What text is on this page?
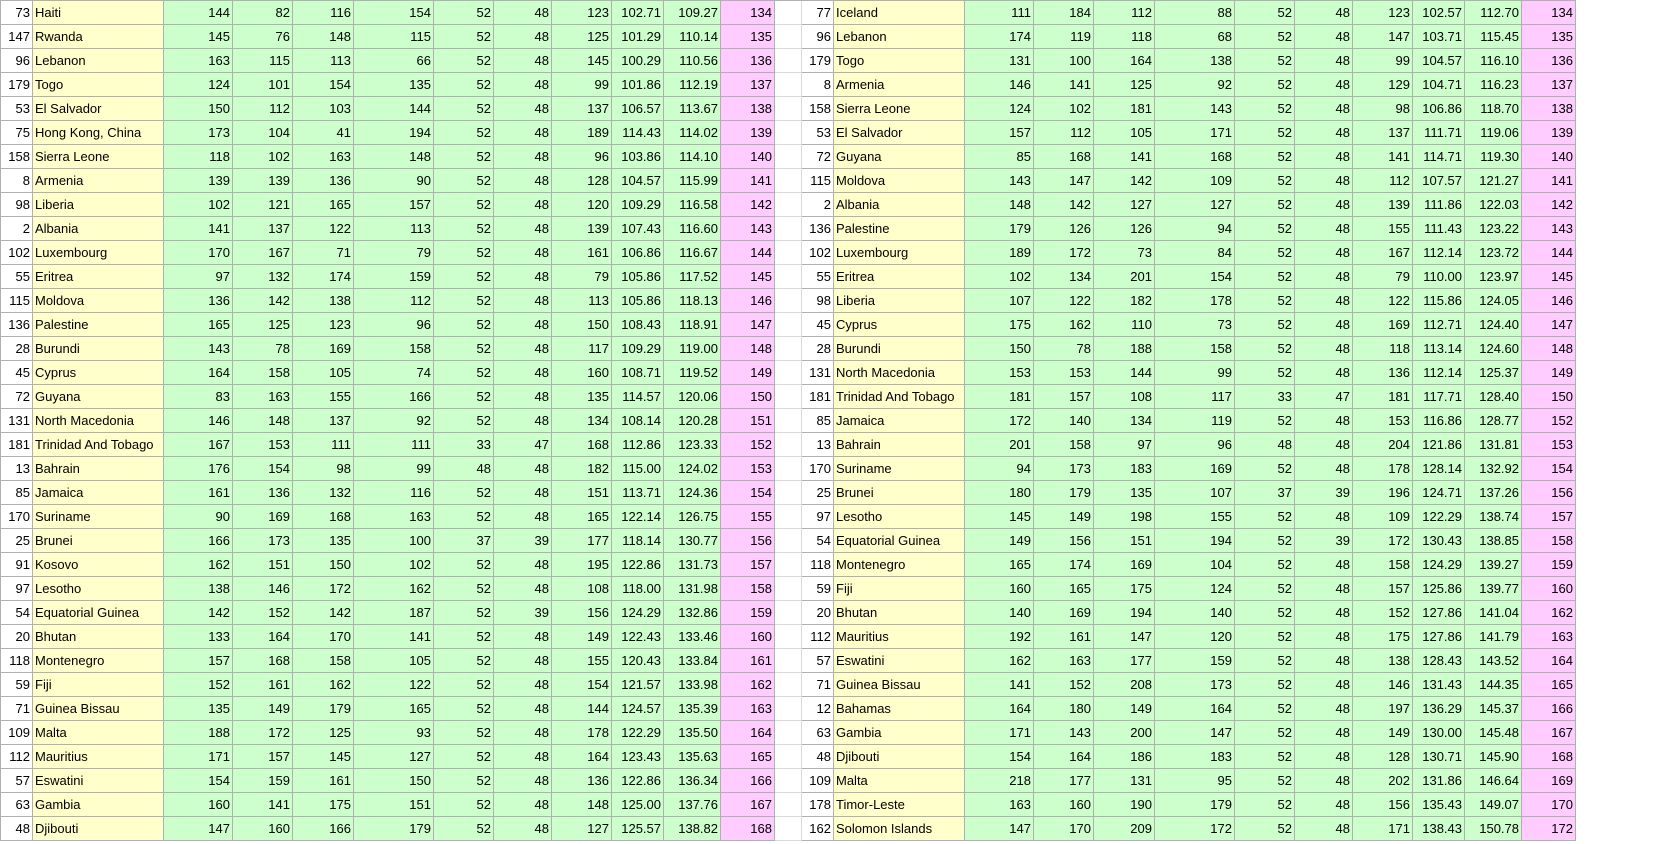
73 Haiti	144	82	116	154	52	48	123 102.71	109.27	134	77 Iceland	111	184	112	88	52	48	123 102.57	112.70	134
147 Rwanda	145	76	148	115	52	48	125 101.29	110.14	135	96 Lebanon	174	119	118	68	52	48	147 103.71	115.45	135
96 Lebanon	163	115	113	66	52	48	145 100.29	110.56	136	179 Togo	131	100	164	138	52	48	99 104.57	116.10	136
179 Togo	124	101	154	135	52	48	99 101.86	112.19	137	8 Armenia	146	141	125	92	52	48	129 104.71	116.23	137
53 El Salvador	150	112	103	144	52	48	137 106.57	113.67	138	158 Sierra Leone	124	102	181	143	52	48	98 106.86	118.70	138
75 Hong Kong, China	173	104	41	194	52	48	189	114.43	114.02	139	53 El Salvador	157	112	105	171	52	48	137	111.71	119.06	139
158 Sierra Leone	118	102	163	148	52	48	96 103.86	114.10	140	72 Guyana	85	168	141	168	52	48	141	114.71	119.30	140
8 Armenia	139	139	136	90	52	48	128 104.57	115.99	141	115 Moldova	143	147	142	109	52	48	112 107.57	121.27	141
98 Liberia	102	121	165	157	52	48	120 109.29	116.58	142	2 Albania	148	142	127	127	52	48	139	111.86	122.03	142
2 Albania	141	137	122	113	52	48	139 107.43	116.60	143	136 Palestine	179	126	126	94	52	48	155	111.43	123.22	143
102 Luxembourg	170	167	71	79	52	48	161 106.86	116.67	144	102 Luxembourg	189	172	73	84	52	48	167	112.14	123.72	144
55 Eritrea	97	132	174	159	52	48	79 105.86	117.52	145	55 Eritrea	102	134	201	154	52	48	79	110.00	123.97	145
115 Moldova	136	142	138	112	52	48	113 105.86	118.13	146	98 Liberia	107	122	182	178	52	48	122	115.86	124.05	146
136 Palestine	165	125	123	96	52	48	150 108.43	118.91	147	45 Cyprus	175	162	110	73	52	48	169	112.71	124.40	147
28 Burundi	143	78	169	158	52	48	117 109.29	119.00	148	28 Burundi	150	78	188	158	52	48	118	113.14	124.60	148
45 Cyprus	164	158	105	74	52	48	160 108.71	119.52	149	131 North Macedonia	153	153	144	99	52	48	136	112.14	125.37	149
72 Guyana	83	163	155	166	52	48	135	114.57	120.06	150	181 Trinidad And Tobago	181	157	108	117	33	47	181	117.71	128.40	150
131 North Macedonia	146	148	137	92	52	48	134 108.14	120.28	151	85 Jamaica	172	140	134	119	52	48	153	116.86	128.77	152
181 Trinidad And Tobago	167	153	111	111	33	47	168	112.86	123.33	152	13 Bahrain	201	158	97	96	48	48	204 121.86	131.81	153
13 Bahrain	176	154	98	99	48	48	182	115.00	124.02	153	170 Suriname	94	173	183	169	52	48	178 128.14	132.92	154
85 Jamaica	161	136	132	116	52	48	151	113.71	124.36	154	25 Brunei	180	179	135	107	37	39	196 124.71	137.26	156
170 Suriname	90	169	168	163	52	48	165 122.14	126.75	155	97 Lesotho	145	149	198	155	52	48	109 122.29	138.74	157
25 Brunei	166	173	135	100	37	39	177	118.14	130.77	156	54 Equatorial Guinea	149	156	151	194	52	39	172 130.43	138.85	158
91 Kosovo	162	151	150	102	52	48	195 122.86	131.73	157	118 Montenegro	165	174	169	104	52	48	158 124.29	139.27	159
97 Lesotho	138	146	172	162	52	48	108	118.00	131.98	158	59 Fiji	160	165	175	124	52	48	157 125.86	139.77	160
54 Equatorial Guinea	142	152	142	187	52	39	156 124.29	132.86	159	20 Bhutan	140	169	194	140	52	48	152 127.86	141.04	162
20 Bhutan	133	164	170	141	52	48	149 122.43	133.46	160	112 Mauritius	192	161	147	120	52	48	175 127.86	141.79	163
118 Montenegro	157	168	158	105	52	48	155 120.43	133.84	161	57 Eswatini	162	163	177	159	52	48	138 128.43	143.52	164
59 Fiji	152	161	162	122	52	48	154 121.57	133.98	162	71 Guinea Bissau	141	152	208	173	52	48	146 131.43	144.35	165
71 Guinea Bissau	135	149	179	165	52	48	144 124.57	135.39	163	12 Bahamas	164	180	149	164	52	48	197 136.29	145.37	166
109 Malta	188	172	125	93	52	48	178 122.29	135.50	164	63 Gambia	171	143	200	147	52	48	149 130.00	145.48	167
112 Mauritius	171	157	145	127	52	48	164 123.43	135.63	165	48 Djibouti	154	164	186	183	52	48	128 130.71	145.90	168
57 Eswatini	154	159	161	150	52	48	136 122.86	136.34	166	109 Malta	218	177	131	95	52	48	202 131.86	146.64	169
63 Gambia	160	141	175	151	52	48	148 125.00	137.76	167	178 Timor-Leste	163	160	190	179	52	48	156 135.43	149.07	170
48 Djibouti	147	160	166	179	52	48	127 125.57	138.82	168	162 Solomon Islands	147	170	209	172	52	48	171 138.43	150.78	172
